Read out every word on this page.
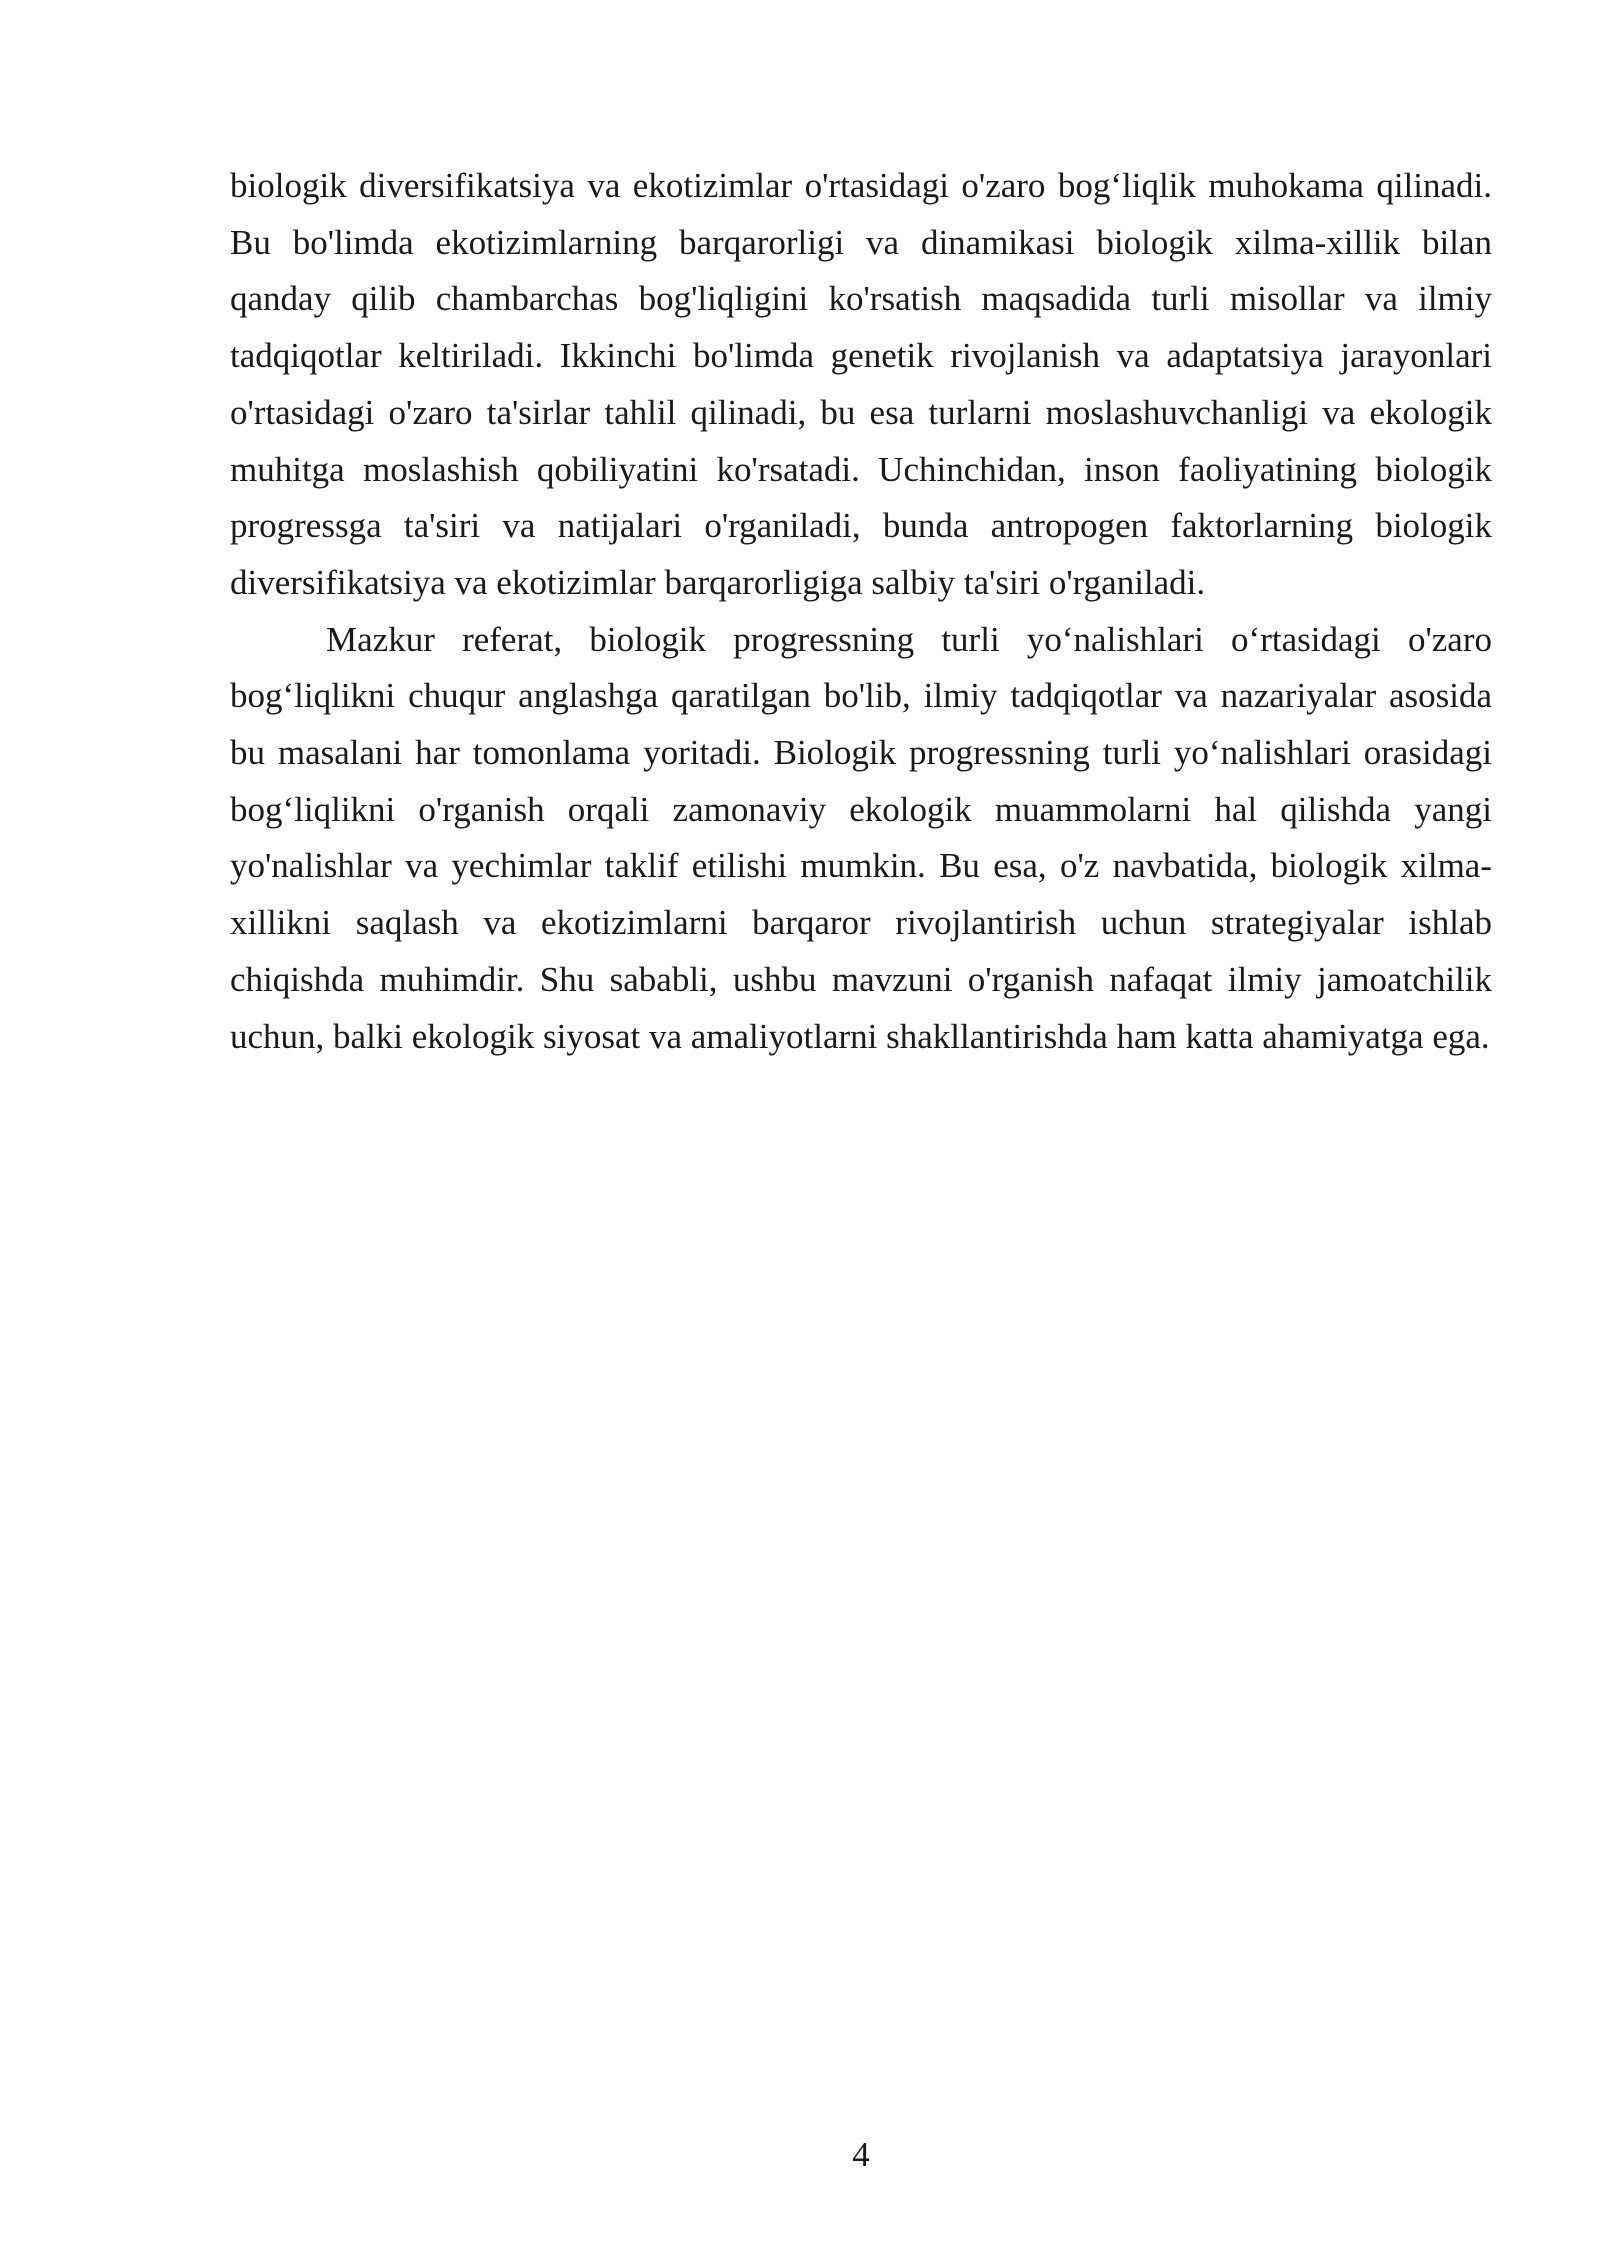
biologik diversifikatsiya va ekotizimlar o'rtasidagi o'zaro bog‘liqlik muhokama qilinadi. Bu bo'limda ekotizimlarning barqarorligi va dinamikasi biologik xilma-xillik bilan qanday qilib chambarchas bog'liqligini ko'rsatish maqsadida turli misollar va ilmiy tadqiqotlar keltiriladi. Ikkinchi bo'limda genetik rivojlanish va adaptatsiya jarayonlari o'rtasidagi o'zaro ta'sirlar tahlil qilinadi, bu esa turlarni moslashuvchanligi va ekologik muhitga moslashish qobiliyatini ko'rsatadi. Uchinchidan, inson faoliyatining biologik progressga ta'siri va natijalari o'rganiladi, bunda antropogen faktorlarning biologik diversifikatsiya va ekotizimlar barqarorligiga salbiy ta'siri o'rganiladi.

Mazkur referat, biologik progressning turli yo‘nalishlari o‘rtasidagi o'zaro bog‘liqlikni chuqur anglashga qaratilgan bo'lib, ilmiy tadqiqotlar va nazariyalar asosida bu masalani har tomonlama yoritadi. Biologik progressning turli yo‘nalishlari orasidagi bog‘liqlikni o'rganish orqali zamonaviy ekologik muammolarni hal qilishda yangi yo'nalishlar va yechimlar taklif etilishi mumkin. Bu esa, o'z navbatida, biologik xilma-xillikni saqlash va ekotizimlarni barqaror rivojlantirish uchun strategiyalar ishlab chiqishda muhimdir. Shu sababli, ushbu mavzuni o'rganish nafaqat ilmiy jamoatchilik uchun, balki ekologik siyosat va amaliyotlarni shakllantirishda ham katta ahamiyatga ega.

4
